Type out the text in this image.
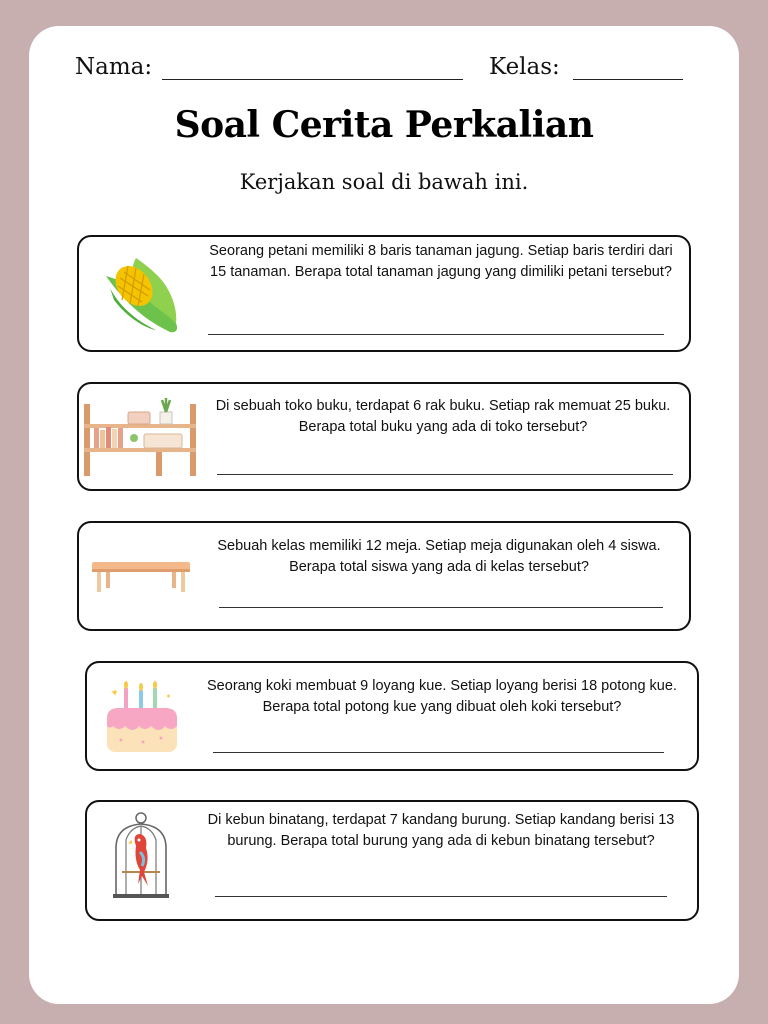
Nama:	Kelas:
Soal Cerita Perkalian
Kerjakan soal di bawah ini.
Seorang petani memiliki 8 baris tanaman jagung. Setiap baris terdiri dari 15 tanaman. Berapa total tanaman jagung yang dimiliki petani tersebut?
Di sebuah toko buku, terdapat 6 rak buku. Setiap rak memuat 25 buku. Berapa total buku yang ada di toko tersebut?
Sebuah kelas memiliki 12 meja. Setiap meja digunakan oleh 4 siswa. Berapa total siswa yang ada di kelas tersebut?
Seorang koki membuat 9 loyang kue. Setiap loyang berisi 18 potong kue. Berapa total potong kue yang dibuat oleh koki tersebut?
Di kebun binatang, terdapat 7 kandang burung. Setiap kandang berisi 13 burung. Berapa total burung yang ada di kebun binatang tersebut?
